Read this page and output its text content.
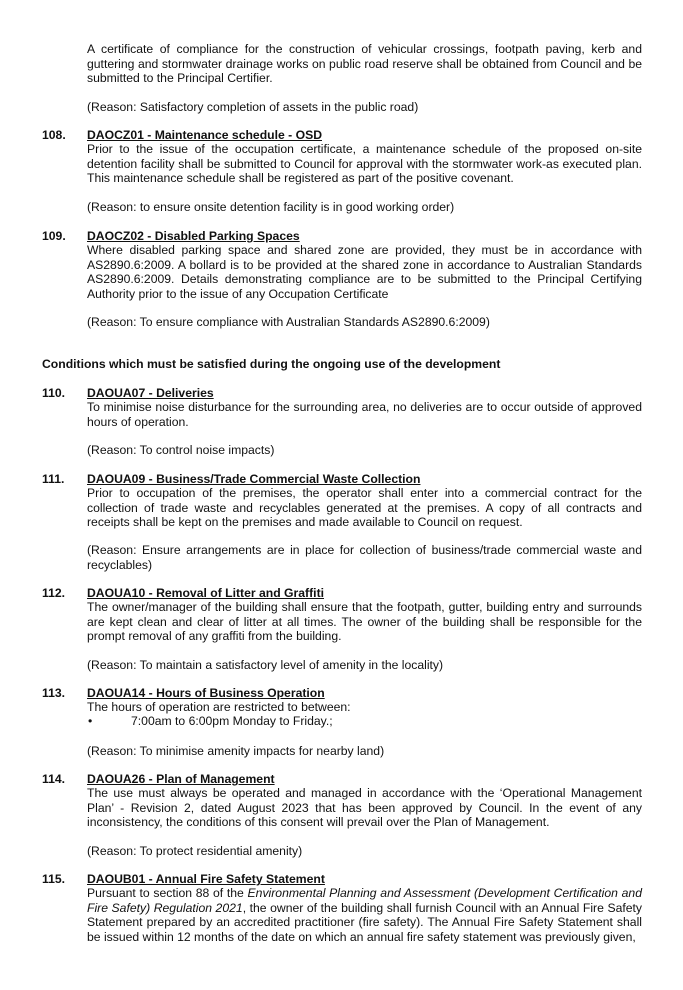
A certificate of compliance for the construction of vehicular crossings, footpath paving, kerb and guttering and stormwater drainage works on public road reserve shall be obtained from Council and be submitted to the Principal Certifier.

(Reason: Satisfactory completion of assets in the public road)

108. DAOCZ01 - Maintenance schedule - OSD

Prior to the issue of the occupation certificate, a maintenance schedule of the proposed on-site detention facility shall be submitted to Council for approval with the stormwater work-as executed plan. This maintenance schedule shall be registered as part of the positive covenant.

(Reason: to ensure onsite detention facility is in good working order)

109. DAOCZ02 - Disabled Parking Spaces

Where disabled parking space and shared zone are provided, they must be in accordance with AS2890.6:2009. A bollard is to be provided at the shared zone in accordance to Australian Standards AS2890.6:2009. Details demonstrating compliance are to be submitted to the Principal Certifying Authority prior to the issue of any Occupation Certificate

(Reason: To ensure compliance with Australian Standards AS2890.6:2009)

Conditions which must be satisfied during the ongoing use of the development

110. DAOUA07 - Deliveries

To minimise noise disturbance for the surrounding area, no deliveries are to occur outside of approved hours of operation.

(Reason: To control noise impacts)

111. DAOUA09 - Business/Trade Commercial Waste Collection

Prior to occupation of the premises, the operator shall enter into a commercial contract for the collection of trade waste and recyclables generated at the premises. A copy of all contracts and receipts shall be kept on the premises and made available to Council on request.

(Reason: Ensure arrangements are in place for collection of business/trade commercial waste and recyclables)

112. DAOUA10 - Removal of Litter and Graffiti

The owner/manager of the building shall ensure that the footpath, gutter, building entry and surrounds are kept clean and clear of litter at all times. The owner of the building shall be responsible for the prompt removal of any graffiti from the building.

(Reason: To maintain a satisfactory level of amenity in the locality)

113. DAOUA14 - Hours of Business Operation

The hours of operation are restricted to between:

•	7:00am to 6:00pm Monday to Friday.;

(Reason: To minimise amenity impacts for nearby land)

114. DAOUA26 - Plan of Management

The use must always be operated and managed in accordance with the ‘Operational Management Plan’ - Revision 2, dated August 2023 that has been approved by Council. In the event of any inconsistency, the conditions of this consent will prevail over the Plan of Management.

(Reason: To protect residential amenity)

115. DAOUB01 - Annual Fire Safety Statement

Pursuant to section 88 of the Environmental Planning and Assessment (Development Certification and Fire Safety) Regulation 2021, the owner of the building shall furnish Council with an Annual Fire Safety Statement prepared by an accredited practitioner (fire safety). The Annual Fire Safety Statement shall be issued within 12 months of the date on which an annual fire safety statement was previously given,
